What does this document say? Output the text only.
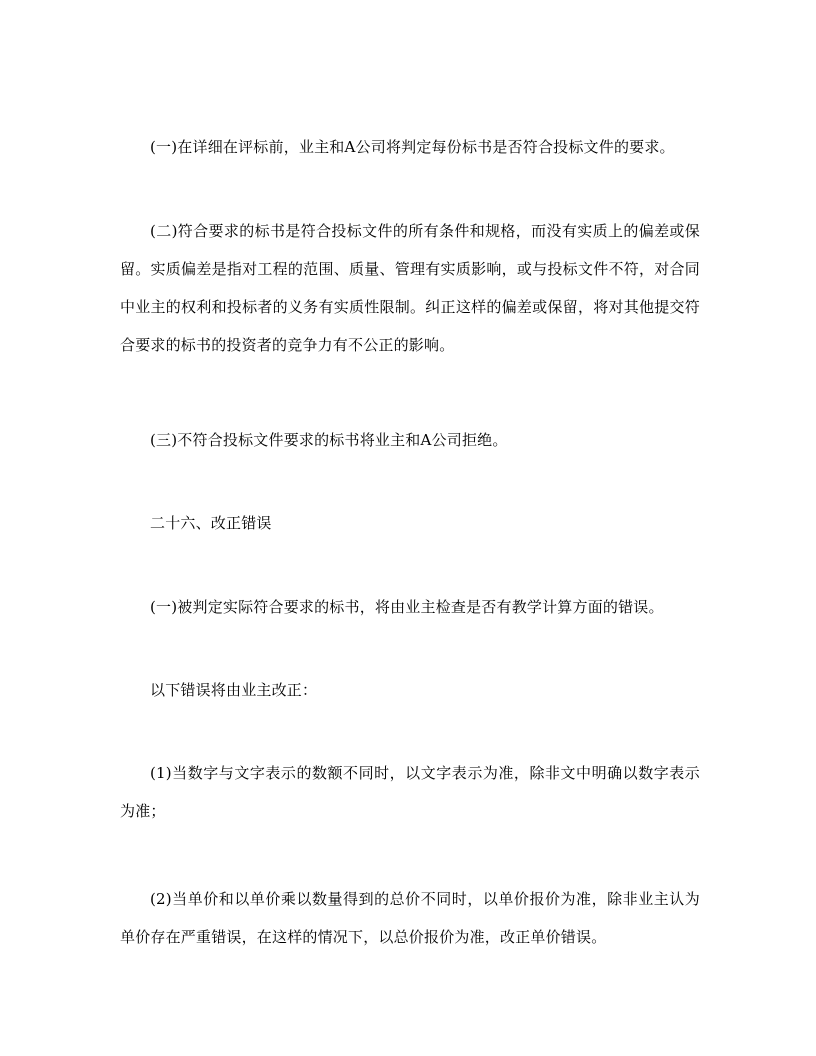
(一)在详细在评标前，业主和A公司将判定每份标书是否符合投标文件的要求。

(二)符合要求的标书是符合投标文件的所有条件和规格，而没有实质上的偏差或保留。实质偏差是指对工程的范围、质量、管理有实质影响，或与投标文件不符，对合同中业主的权利和投标者的义务有实质性限制。纠正这样的偏差或保留，将对其他提交符合要求的标书的投资者的竞争力有不公正的影响。

(三)不符合投标文件要求的标书将业主和A公司拒绝。

二十六、改正错误

(一)被判定实际符合要求的标书，将由业主检查是否有教学计算方面的错误。

以下错误将由业主改正：

(1)当数字与文字表示的数额不同时，以文字表示为准，除非文中明确以数字表示为准；

(2)当单价和以单价乘以数量得到的总价不同时，以单价报价为准，除非业主认为单价存在严重错误，在这样的情况下，以总价报价为准，改正单价错误。
